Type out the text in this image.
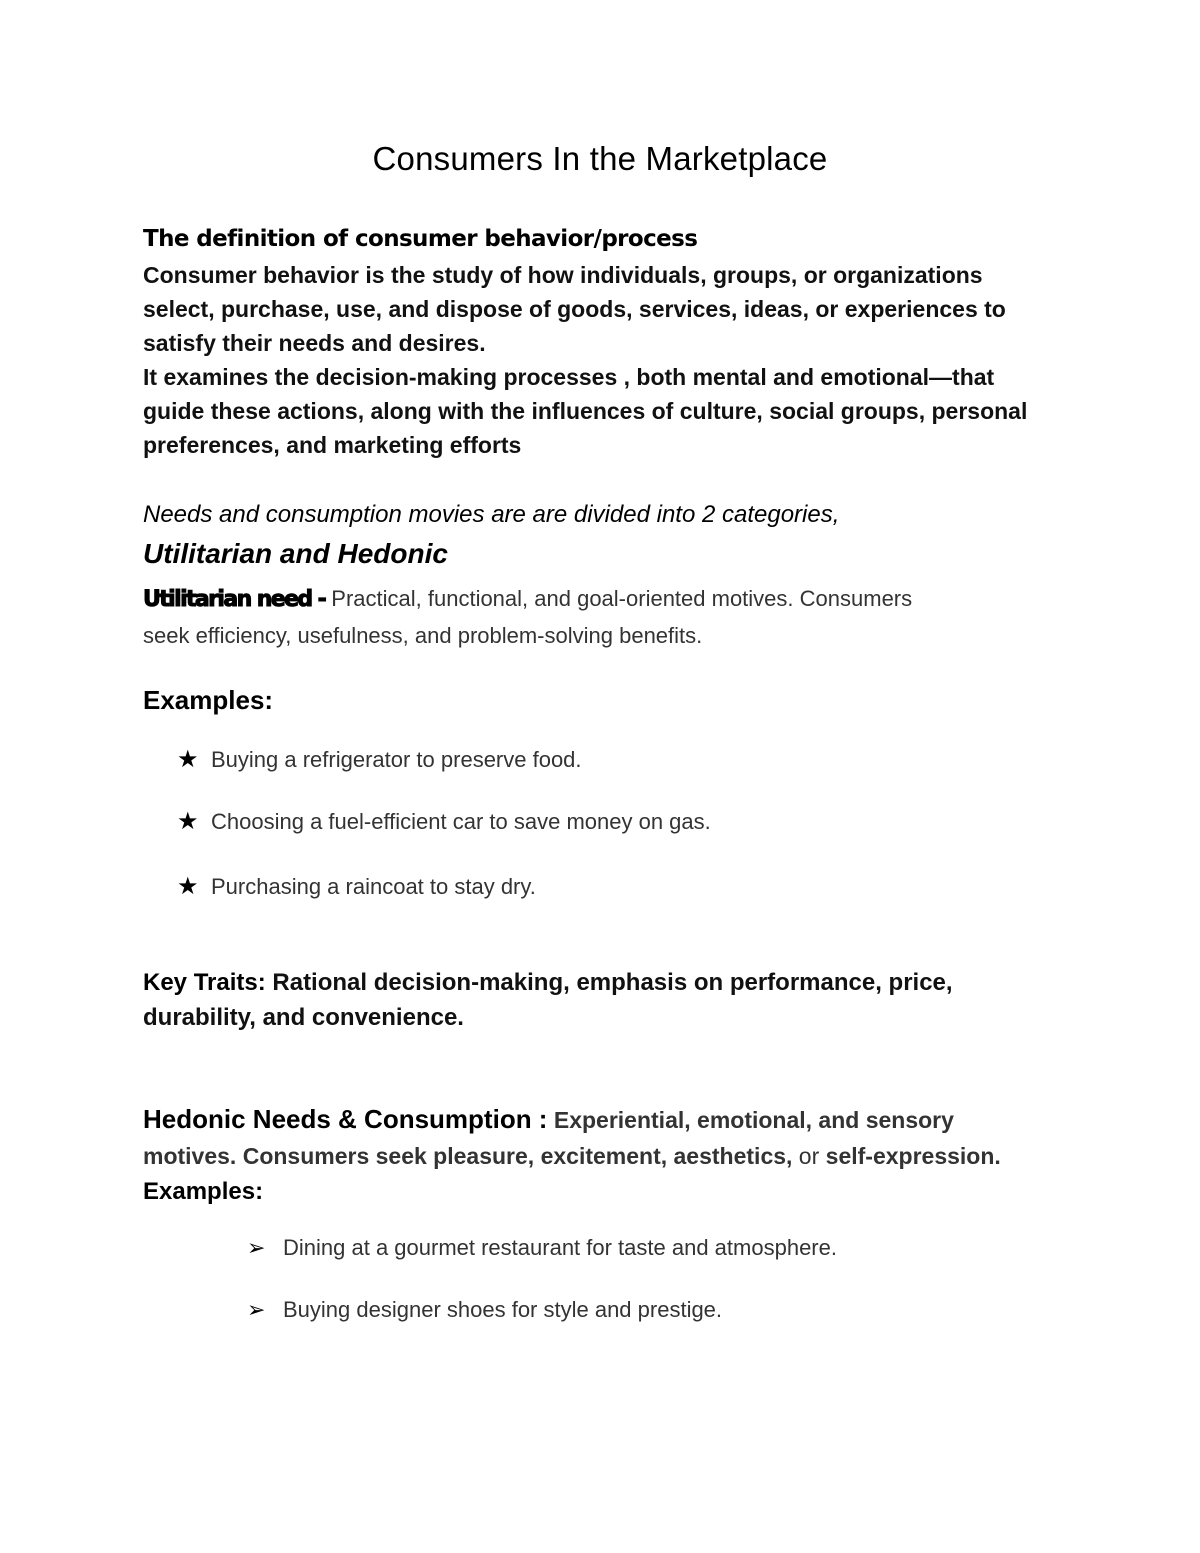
Consumers In the Marketplace
The definition of consumer behavior/process
Consumer behavior is the study of how individuals, groups, or organizations
select, purchase, use, and dispose of goods, services, ideas, or experiences to
satisfy their needs and desires.
It examines the decision-making processes , both mental and emotional—that
guide these actions, along with the influences of culture, social groups, personal
preferences, and marketing efforts
Needs and consumption movies are are divided into 2 categories,
Utilitarian and Hedonic
Utilitarian need - Practical, functional, and goal-oriented motives. Consumers
seek efficiency, usefulness, and problem-solving benefits.
Examples:
★ Buying a refrigerator to preserve food.
★ Choosing a fuel-efficient car to save money on gas.
★ Purchasing a raincoat to stay dry.
Key Traits: Rational decision-making, emphasis on performance, price,
durability, and convenience.
Hedonic Needs & Consumption : Experiential, emotional, and sensory
motives. Consumers seek pleasure, excitement, aesthetics, or self-expression.
Examples:
➢ Dining at a gourmet restaurant for taste and atmosphere.
➢ Buying designer shoes for style and prestige.
